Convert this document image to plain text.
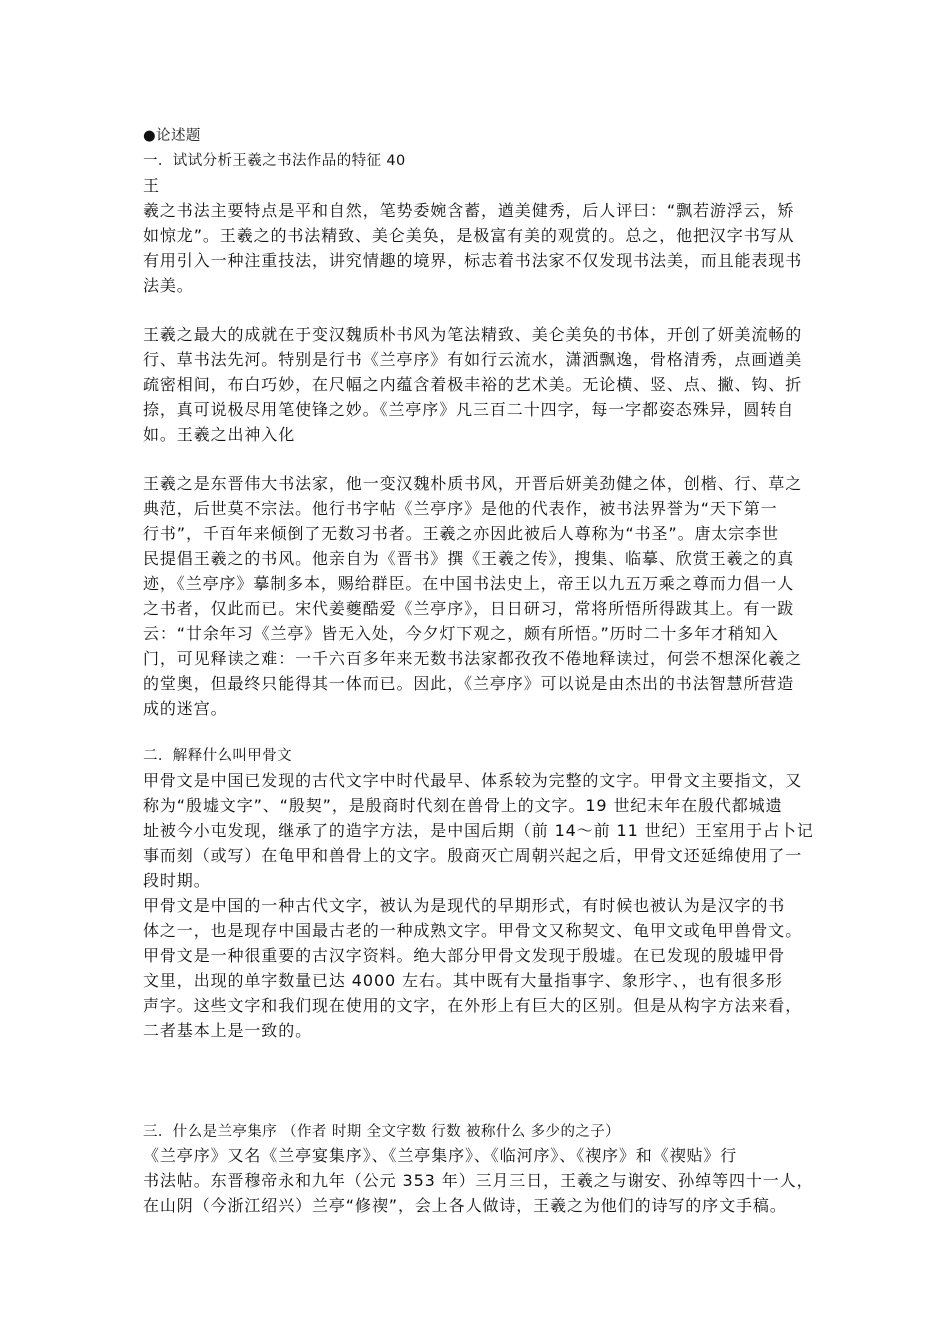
●论述题
一．试试分析王羲之书法作品的特征 40
王
羲之书法主要特点是平和自然，笔势委婉含蓄，遒美健秀，后人评曰：“飘若游浮云，矫
如惊龙”。王羲之的书法精致、美仑美奂，是极富有美的观赏的。总之，他把汉字书写从
有用引入一种注重技法，讲究情趣的境界，标志着书法家不仅发现书法美，而且能表现书
法美。
王羲之最大的成就在于变汉魏质朴书风为笔法精致、美仑美奂的书体，开创了妍美流畅的
行、草书法先河。特别是行书《兰亭序》有如行云流水，潇洒飘逸，骨格清秀，点画遒美
疏密相间，布白巧妙，在尺幅之内蕴含着极丰裕的艺术美。无论横、竖、点、撇、钩、折
捺，真可说极尽用笔使锋之妙。《兰亭序》凡三百二十四字，每一字都姿态殊异，圆转自
如。王羲之出神入化
王羲之是东晋伟大书法家，他一变汉魏朴质书风，开晋后妍美劲健之体，创楷、行、草之
典范，后世莫不宗法。他行书字帖《兰亭序》是他的代表作，被书法界誉为“天下第一
行书”，千百年来倾倒了无数习书者。王羲之亦因此被后人尊称为“书圣”。唐太宗李世
民提倡王羲之的书风。他亲自为《晋书》撰《王羲之传》，搜集、临摹、欣赏王羲之的真
迹，《兰亭序》摹制多本，赐给群臣。在中国书法史上，帝王以九五万乘之尊而力倡一人
之书者，仅此而已。宋代姜夔酷爱《兰亭序》，日日研习，常将所悟所得跋其上。有一跋
云：“廿余年习《兰亭》皆无入处，今夕灯下观之，颇有所悟。”历时二十多年才稍知入
门，可见释读之难：一千六百多年来无数书法家都孜孜不倦地释读过，何尝不想深化羲之
的堂奥，但最终只能得其一体而已。因此，《兰亭序》可以说是由杰出的书法智慧所营造
成的迷宫。
二．解释什么叫甲骨文
甲骨文是中国已发现的古代文字中时代最早、体系较为完整的文字。甲骨文主要指文，又
称为“殷墟文字”、“殷契”，是殷商时代刻在兽骨上的文字。19 世纪末年在殷代都城遗
址被今小屯发现，继承了的造字方法，是中国后期（前 14～前 11 世纪）王室用于占卜记
事而刻（或写）在龟甲和兽骨上的文字。殷商灭亡周朝兴起之后，甲骨文还延绵使用了一
段时期。
甲骨文是中国的一种古代文字，被认为是现代的早期形式，有时候也被认为是汉字的书
体之一，也是现存中国最古老的一种成熟文字。甲骨文又称契文、龟甲文或龟甲兽骨文。
甲骨文是一种很重要的古汉字资料。绝大部分甲骨文发现于殷墟。在已发现的殷墟甲骨
文里，出现的单字数量已达 4000 左右。其中既有大量指事字、象形字、，也有很多形
声字。这些文字和我们现在使用的文字，在外形上有巨大的区别。但是从构字方法来看，
二者基本上是一致的。
三．什么是兰亭集序 （作者 时期 全文字数 行数 被称什么 多少的之子）
《兰亭序》又名《兰亭宴集序》、《兰亭集序》、《临河序》、《禊序》和《禊贴》行
书法帖。东晋穆帝永和九年（公元 353 年）三月三日，王羲之与谢安、孙绰等四十一人，
在山阴（今浙江绍兴）兰亭“修禊”，会上各人做诗，王羲之为他们的诗写的序文手稿。
